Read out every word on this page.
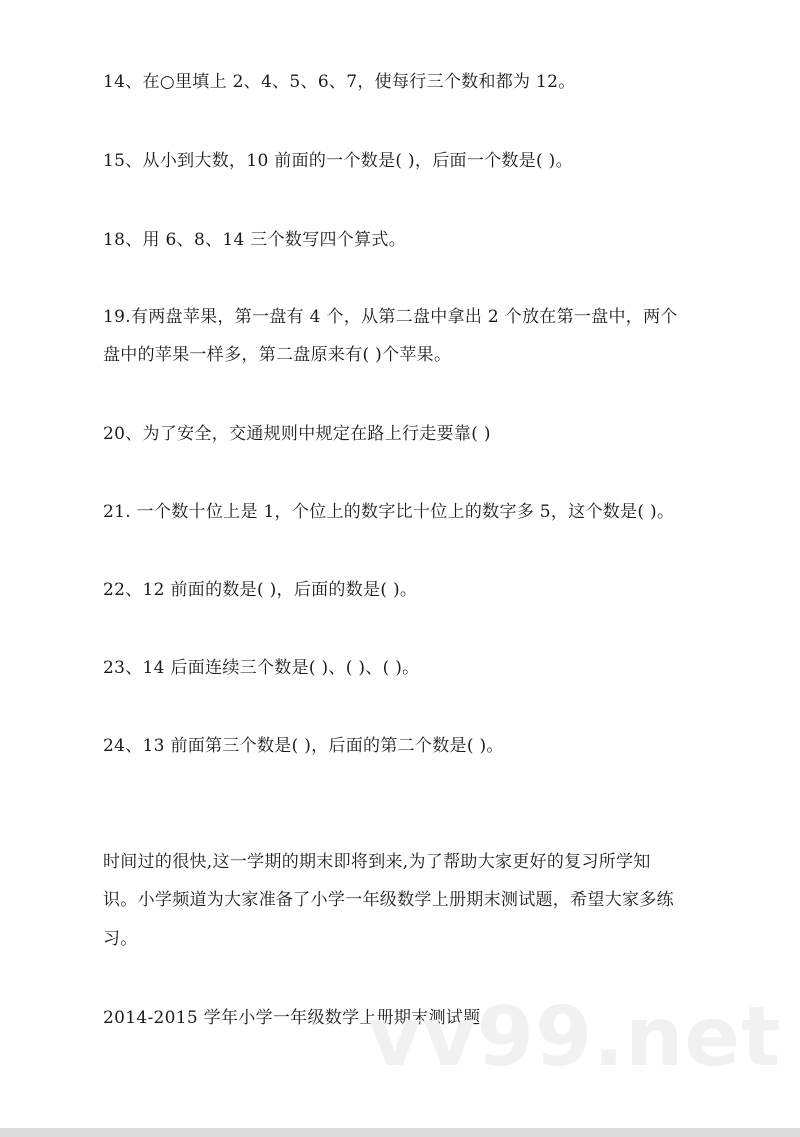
14、在○里填上 2、4、5、6、7，使每行三个数和都为 12。
15、从小到大数，10 前面的一个数是( )，后面一个数是( )。
18、用 6、8、14 三个数写四个算式。
19.有两盘苹果，第一盘有 4 个，从第二盘中拿出 2 个放在第一盘中，两个
盘中的苹果一样多，第二盘原来有( )个苹果。
20、为了安全，交通规则中规定在路上行走要靠( )
21. 一个数十位上是 1，个位上的数字比十位上的数字多 5，这个数是( )。
22、12 前面的数是( )，后面的数是( )。
23、14 后面连续三个数是( )、( )、( )。
24、13 前面第三个数是( )，后面的第二个数是( )。
时间过的很快,这一学期的期末即将到来,为了帮助大家更好的复习所学知
识。小学频道为大家准备了小学一年级数学上册期末测试题，希望大家多练
习。
2014-2015 学年小学一年级数学上册期末测试题
vv99.net
